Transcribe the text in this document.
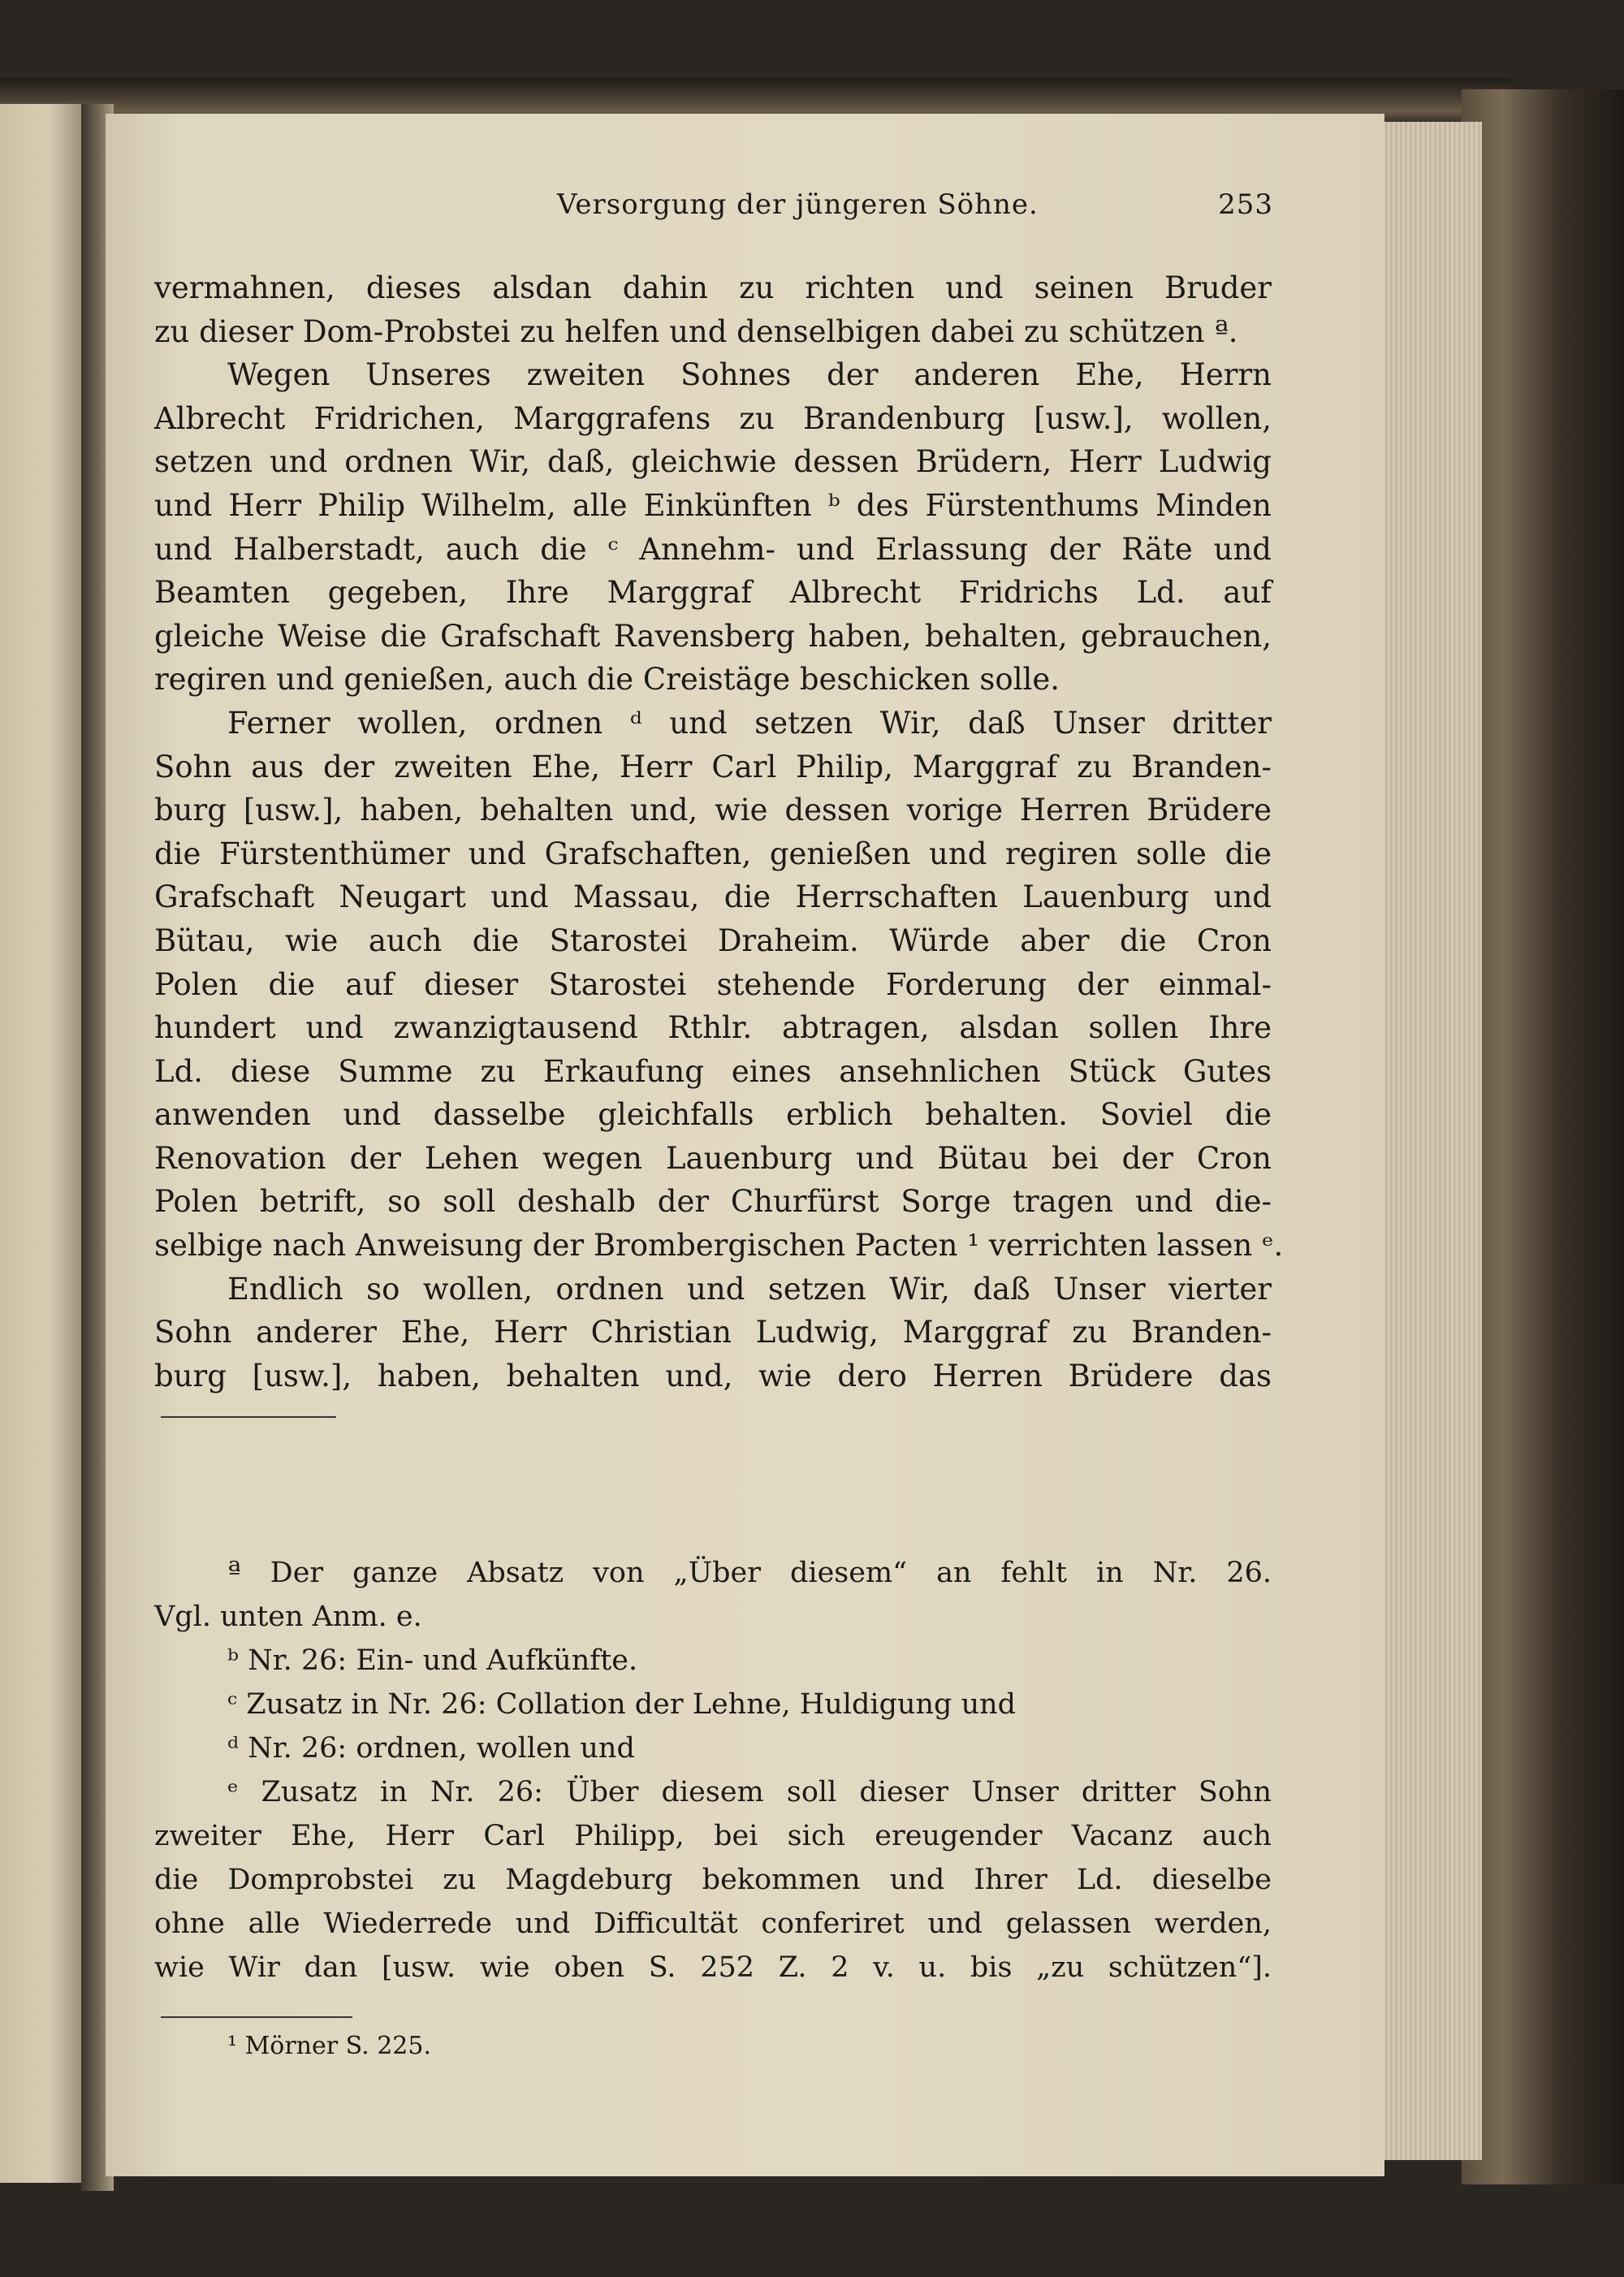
Versorgung der jüngeren Söhne.	253
vermahnen, dieses alsdan dahin zu richten und seinen Bruder
zu dieser Dom-Probstei zu helfen und denselbigen dabei zu schützen ª.
Wegen Unseres zweiten Sohnes der anderen Ehe, Herrn
Albrecht Fridrichen, Marggrafens zu Brandenburg [usw.], wollen,
setzen und ordnen Wir, daß, gleichwie dessen Brüdern, Herr Ludwig
und Herr Philip Wilhelm, alle Einkünften ᵇ des Fürstenthums Minden
und Halberstadt, auch die ᶜ Annehm- und Erlassung der Räte und
Beamten gegeben, Ihre Marggraf Albrecht Fridrichs Ld. auf
gleiche Weise die Grafschaft Ravensberg haben, behalten, gebrauchen,
regiren und genießen, auch die Creistäge beschicken solle.
Ferner wollen, ordnen ᵈ und setzen Wir, daß Unser dritter
Sohn aus der zweiten Ehe, Herr Carl Philip, Marggraf zu Branden-
burg [usw.], haben, behalten und, wie dessen vorige Herren Brüdere
die Fürstenthümer und Grafschaften, genießen und regiren solle die
Grafschaft Neugart und Massau, die Herrschaften Lauenburg und
Bütau, wie auch die Starostei Draheim. Würde aber die Cron
Polen die auf dieser Starostei stehende Forderung der einmal-
hundert und zwanzigtausend Rthlr. abtragen, alsdan sollen Ihre
Ld. diese Summe zu Erkaufung eines ansehnlichen Stück Gutes
anwenden und dasselbe gleichfalls erblich behalten. Soviel die
Renovation der Lehen wegen Lauenburg und Bütau bei der Cron
Polen betrift, so soll deshalb der Churfürst Sorge tragen und die-
selbige nach Anweisung der Brombergischen Pacten ¹ verrichten lassen ᵉ.
Endlich so wollen, ordnen und setzen Wir, daß Unser vierter
Sohn anderer Ehe, Herr Christian Ludwig, Marggraf zu Branden-
burg [usw.], haben, behalten und, wie dero Herren Brüdere das
ª Der ganze Absatz von „Über diesem“ an fehlt in Nr. 26.
Vgl. unten Anm. e.
ᵇ Nr. 26: Ein- und Aufkünfte.
ᶜ Zusatz in Nr. 26: Collation der Lehne, Huldigung und
ᵈ Nr. 26: ordnen, wollen und
ᵉ Zusatz in Nr. 26: Über diesem soll dieser Unser dritter Sohn
zweiter Ehe, Herr Carl Philipp, bei sich ereugender Vacanz auch
die Domprobstei zu Magdeburg bekommen und Ihrer Ld. dieselbe
ohne alle Wiederrede und Difficultät conferiret und gelassen werden,
wie Wir dan [usw. wie oben S. 252 Z. 2 v. u. bis „zu schützen“].
¹ Mörner S. 225.
